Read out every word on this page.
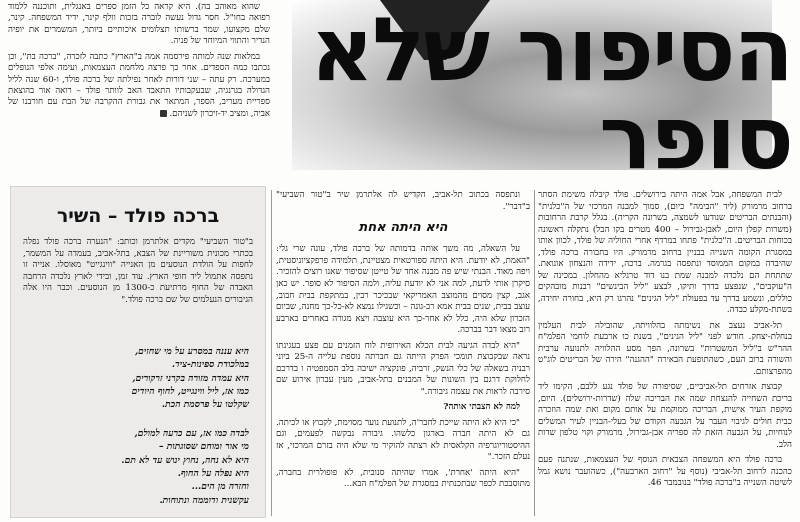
הסיפור שלא סופר

שהוא מאוהב בה). היא קראה כל הזמן ספרים באנגלית, ותוכננה ללמוד רפואה בחו"ל. חסר גדול נעשה לוברה בזכות וולף קינר, ידיד המשפחה. קינר, שלם מקצועו, שמר ברשותו תצלומים איכותיים ביותר, המשמרים את יופיה הנדיר והתווי המיוחד של פניה.

במלאות שנה למותה פירסמה אמה ב"הארץ" כתבה לזכרה, "ברכה בת", וכן נכתבו כמה הספדים. אחר כך פרצה מלחמת העצמאות, ועימה אלפי הנופלים במערכה. רק עתה – שני דורות לאחר נפילתה של ברכה פולד, ו-60 שנה לליל הגדולה בגרנגיה, שבעקבותיו התאבד האב לוותר פולד – רואה אור בהוצאת ספריית מעריב, הספר, המתאר את גבורת ההקרבה של הבת עם חורבנו של אביה, ומציב יד-זיכרון לשניהם.

לבית המשפחה, אבל אמה היתה בירושלים. פולד קיבלה משימת הסתר ברחוב מרמורק (ליד "הבימה" כיום), סמוך למבנה המרכזי של ה"כלנית" (והבנתים הבריטים שנודעו לשמצה, בשרונה הקריה). בגלל קרבת הרחובות (משרות קפלן היום, לאבן-גבירול – 400 מטרים בקו הבל) נתקלה ראשונה בכוחות הבריטים. ה"כלנית" פתחו במרדף אחרי החוליה של פולד, לכוון אותו במסגרת הקומה השנייה בבניין ברחוב מרמורק. היו בחבורה ברכה פולד, שהיבדה במקום הממוסד ונתפסה בגרמה. ברכה, ידידה והנצחון אונואת. שתתחת הם נלכדה למבנה שמת בנו דוד טרגליא מהחלון. במכינה של ה"עוקבים", שנפצע בדרך ותיקו, לבצע "ליל הבינשים" רבנות מובהקים כוללים, ונשמע בדרך עד בפעולת "ליל הגינים" נהרגו רק היא, בחורה יחידה, בשתת-מקלע כבדה.

תל-אביב נעצב את נשימתה בהלוויתה, שהובילה לבית העלמין בנחלת-יצחק. חודש לפני "ליל הגינים", בשנת כו ארבעת לוחמי הפלמ"ח ההר"ש ב"ליל המשטרות" בשרונה, הפך מסע ההלוויה לתנועה ערבית והשורה ברוב העם, כשהתופעת הבאירה "ההגנה" הירה של הבריטים לוג"ט מהפרצותם.

קבוצת אזרחים תל-אביביים, שסיפורה של פולד נגע ללבם, הקימו ליד בריכת השחייה להנצחת שמה את הבריכה שלה (שדרות-ירושלים). היום, מוקפת העיר אישית, הבריכה ממוקמת על אותם מקום ואת שמה הוזכרה כבית חולים לגיבוי העבר על הגבעה הקודם של בעלי-הבניין לעיר המשלים לנוחיות, על הגבעה הזאת לה ספריה אבן-גבירול, מרמורק וקוי טלפון שדות הלב.

ברכה פולד היא המשפחה הצבאית הנוסף של העצמאות, שנתנה פעם כהכנה לרחוב תל-אביבי (נוסף על "רחוב הארבעה"), כשהועבר נושא גמל לשיטה השנייה ב"ברכה פולד" בנובמבר 46.

ונתפסה בכתוב תל-אביב, הקדיש לה אלתרמן שיר ב"טור השביעי" ב"דבר".

היא היתה אחת

על השאלה, מה משך אותה בדמותה של ברכה פולד, עונה שרי גלי: "האמת, לא יודעת. היא היתה ספורטאית מצטיינת, תלמידה פרפקציוניסטית, ויפה מאוד. הבנתי שיש פה מבנה אחד של טייטן שסיפור שאנו רוצים להזכיר. סיקרן אותי לדעת, למה אני לא יודעת עליה, ולמה הסיפור לא סופר. יש כאן אגב, קצין מסוים מהמוצב האמריקאי שבכיכר רבין, במתקפת בבית חבוב, עוצב בבית, שנים בבית אמא רב-גונה – וכשגילו נמצא לא-כל-כך מחנה, שביום הזכרון שלא היה, כלל לא אחר-כך היא עוצבה ויצא מגורה באחרים בארבע רוב מצאו דבר בברכה.

"היא לבדה הגיעה לבית הכלא האירופית לוח הזמנים עם פצע בעגינתו נראה שבקבוצת תומכי הפרק הייתה גם חברתה נוספת עלייה ה-25 ביוני רבניה בשאלה של כלי הנשק, זרביה, פונקציה ישיבה בלב הסמפטיה ו בדרכם לחלוקת דרגם בין השונות של המבנים בתל-אביב, מעין עברון אירוע שם סירבה לראות את עצמה גיבורה."

למה לא הצבתי אותה?

"כי היא לא היתה שייכת לחבר'ה, לתנועת נוער מסוימת, לקבוץ או לכיתה. גם לא היתה חברה בארגון כלשהו. גיבורה נבקשה לפעמים, וגם ההיסטוריוגרפיה הקלאסית לא רצתה להוקיר מי שלא היה בזרם המרכזי, אז נעלם הזכר."

"היא היתה 'אחרת', אמרו שהיתה סנובית, לא פופולרית בחברה, מתוסבכת לכפר שבתכנתית במסגרת של הפלמ"ח הבא...

ברכה פולד – השיר
ב"טור השביעי" מקדים אלתרמן וכותב: "הנערה ברכה פולד נפלה בכתרי מכונית משוריינת של הצבא, בתל-אביב, בעמדה על המשמר, לחפות על הולדת הנוסעים מן האנייה "ווינגייט" מאוסלו. אנייה זו נתפסה אתמול ליד חופי הארץ. עוד זמן, ובידי לארץ נלכדה הרחבה האבדה של החוף מרתיעת כ-1300 מן הנוסעים. וכבר היו אלה הגיבורים הנעלמים של שם ברכה פולד."
היא עננה במסרע על מי שחזים,
במלכודת ספינות-ציד.
היא עמדה מזורה בקרני זרקורים,
כמו אז, ליל ווינגייט, לחוף היודים
שקלטו על פרסמת הכת.
לבדה כמו אז, עם כרעה למולם,
מי אור ומוחם שסוגתות –
היא לא נחה, נחוץ ינוש עד לא תם.
היא נפלה על החוף.
וחזרה מן הים...
עקשנית ודוממה ונתוחות.
